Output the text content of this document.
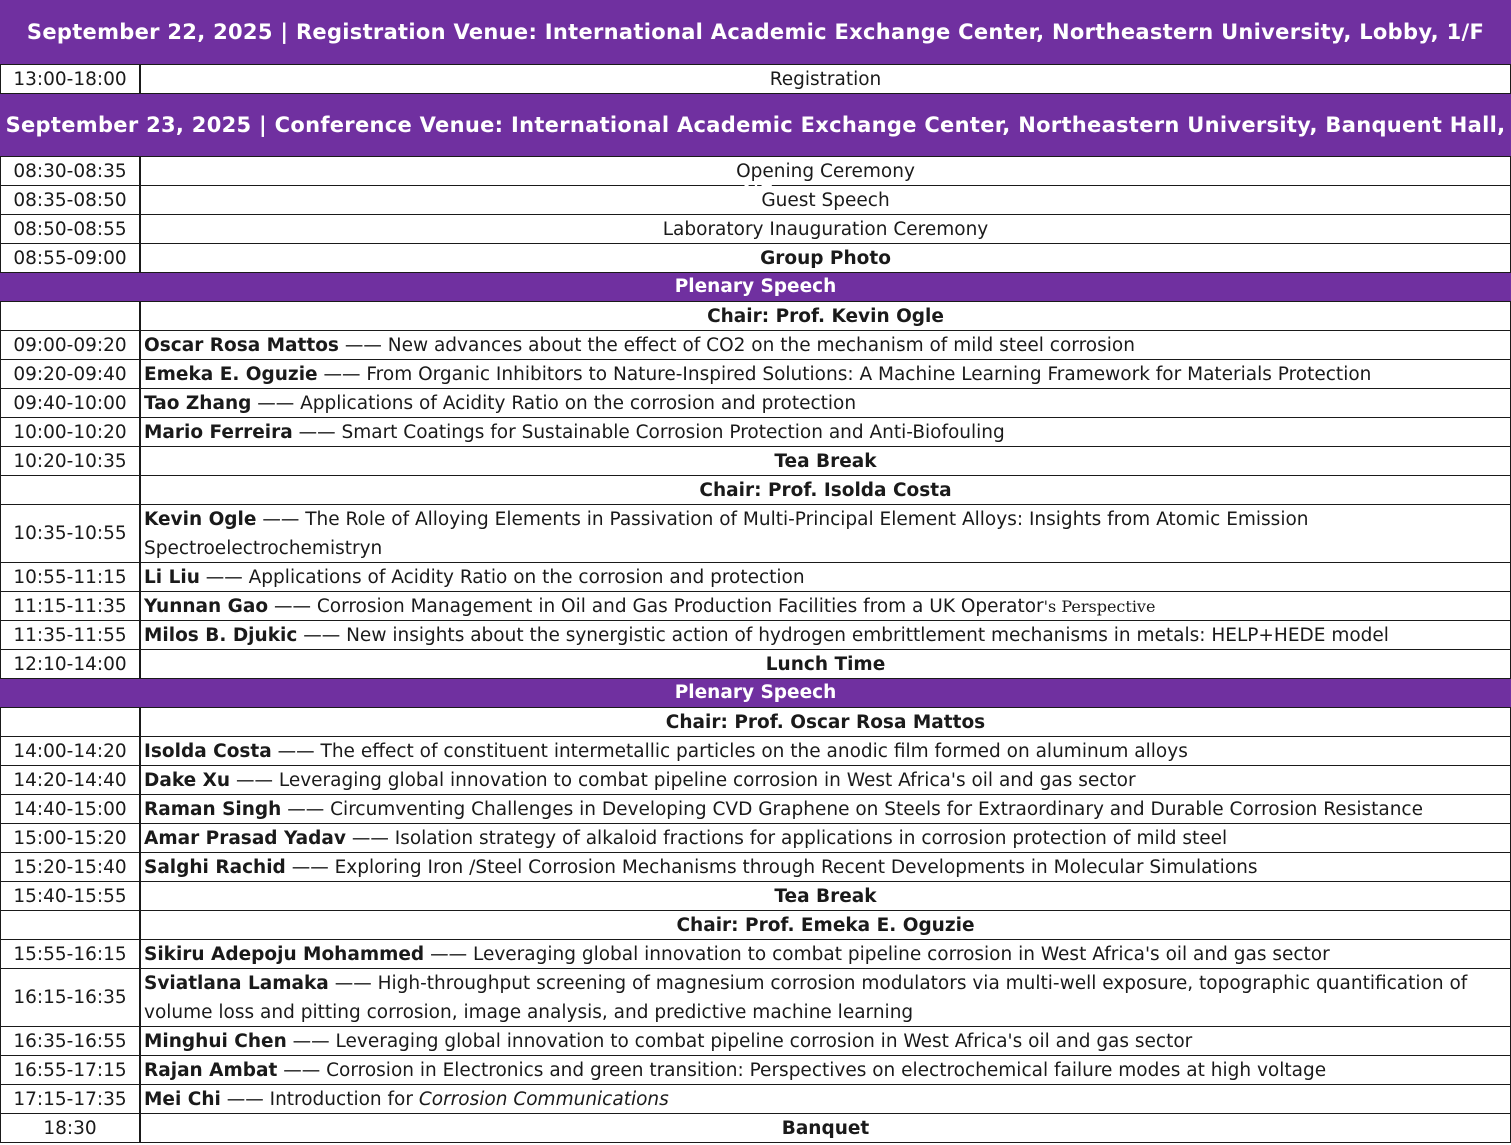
September 22, 2025 | Registration Venue: International Academic Exchange Center, Northeastern University, Lobby, 1/F
13:00-18:00	Registration
September 23, 2025 | Conference Venue: International Academic Exchange Center, Northeastern University, Banquent Hall, 2/F
08:30-08:35	Opening Ceremony
08:35-08:50	Guest Speech
08:50-08:55	Laboratory Inauguration Ceremony
08:55-09:00	Group Photo
Plenary Speech
Chair: Prof. Kevin Ogle
09:00-09:20 Oscar Rosa Mattos —— New advances about the effect of CO2 on the mechanism of mild steel corrosion
09:20-09:40 Emeka E. Oguzie —— From Organic Inhibitors to Nature-Inspired Solutions: A Machine Learning Framework for Materials Protection
09:40-10:00 Tao Zhang —— Applications of Acidity Ratio on the corrosion and protection
10:00-10:20 Mario Ferreira —— Smart Coatings for Sustainable Corrosion Protection and Anti-Biofouling
10:20-10:35	Tea Break
Chair: Prof. Isolda Costa
10:35-10:55
Kevin Ogle —— The Role of Alloying Elements in Passivation of Multi-Principal Element Alloys: Insights from Atomic Emission Spectroelectrochemistryn
10:55-11:15 Li Liu —— Applications of Acidity Ratio on the corrosion and protection
11:15-11:35 Yunnan Gao —— Corrosion Management in Oil and Gas Production Facilities from a UK Operator's Perspective
11:35-11:55 Milos B. Djukic —— New insights about the synergistic action of hydrogen embrittlement mechanisms in metals: HELP+HEDE model
12:10-14:00	Lunch Time
Plenary Speech
Chair: Prof. Oscar Rosa Mattos
14:00-14:20 Isolda Costa —— The effect of constituent intermetallic particles on the anodic film formed on aluminum alloys
14:20-14:40 Dake Xu —— Leveraging global innovation to combat pipeline corrosion in West Africa's oil and gas sector
14:40-15:00 Raman Singh —— Circumventing Challenges in Developing CVD Graphene on Steels for Extraordinary and Durable Corrosion Resistance
15:00-15:20 Amar Prasad Yadav —— Isolation strategy of alkaloid fractions for applications in corrosion protection of mild steel
15:20-15:40 Salghi Rachid —— Exploring Iron /Steel Corrosion Mechanisms through Recent Developments in Molecular Simulations
15:40-15:55	Tea Break
Chair: Prof. Emeka E. Oguzie
15:55-16:15 Sikiru Adepoju Mohammed —— Leveraging global innovation to combat pipeline corrosion in West Africa's oil and gas sector
16:15-16:35
Sviatlana Lamaka —— High-throughput screening of magnesium corrosion modulators via multi-well exposure, topographic quantification of volume loss and pitting corrosion, image analysis, and predictive machine learning
16:35-16:55 Minghui Chen —— Leveraging global innovation to combat pipeline corrosion in West Africa's oil and gas sector
16:55-17:15 Rajan Ambat —— Corrosion in Electronics and green transition: Perspectives on electrochemical failure modes at high voltage
17:15-17:35 Mei Chi —— Introduction for Corrosion Communications
18:30	Banquet
